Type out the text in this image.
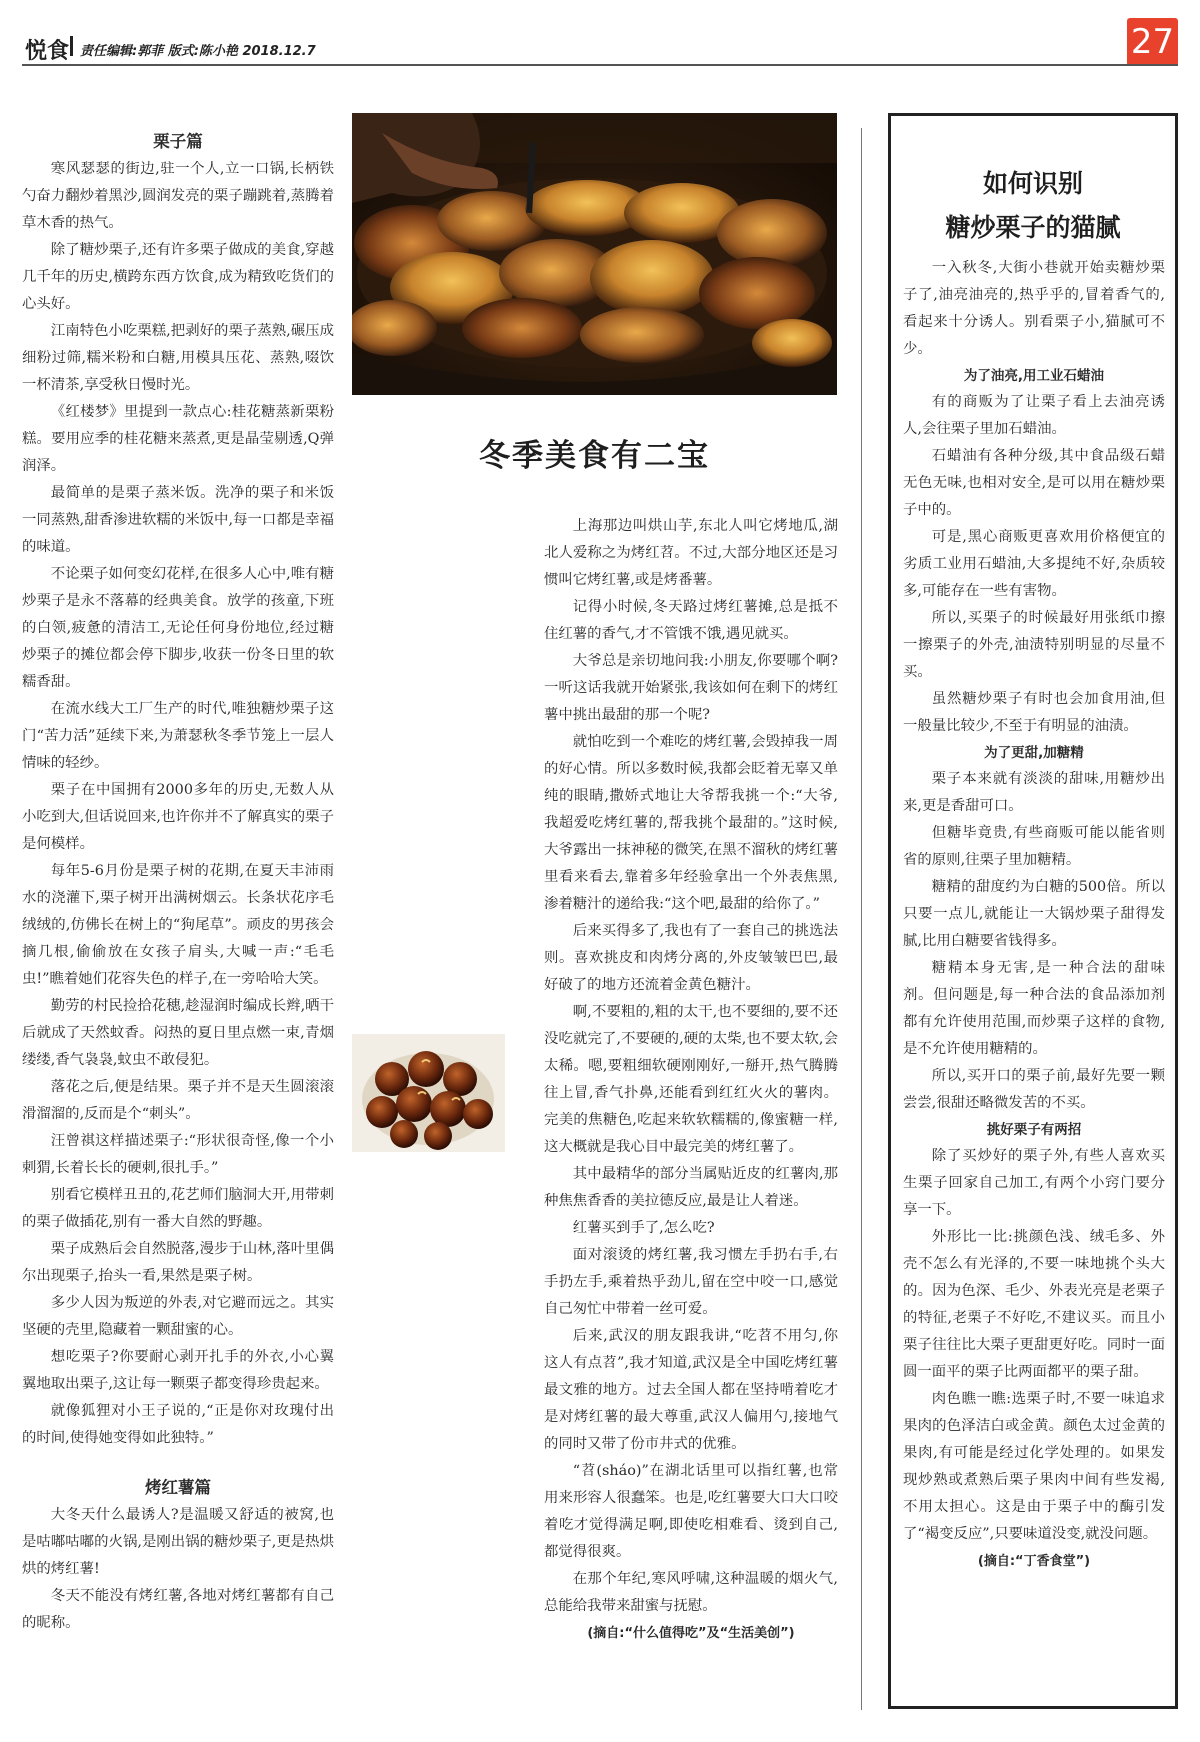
悦食 责任编辑:郭菲 版式:陈小艳 2018.12.7	27

栗子篇

寒风瑟瑟的街边,驻一个人,立一口锅,长柄铁勺奋力翻炒着黑沙,圆润发亮的栗子蹦跳着,蒸腾着草木香的热气。

除了糖炒栗子,还有许多栗子做成的美食,穿越几千年的历史,横跨东西方饮食,成为精致吃货们的心头好。

江南特色小吃栗糕,把剥好的栗子蒸熟,碾压成细粉过筛,糯米粉和白糖,用模具压花、蒸熟,啜饮一杯清茶,享受秋日慢时光。

《红楼梦》里提到一款点心:桂花糖蒸新栗粉糕。要用应季的桂花糖来蒸煮,更是晶莹剔透,Q弹润泽。

最简单的是栗子蒸米饭。洗净的栗子和米饭一同蒸熟,甜香渗进软糯的米饭中,每一口都是幸福的味道。

不论栗子如何变幻花样,在很多人心中,唯有糖炒栗子是永不落幕的经典美食。放学的孩童,下班的白领,疲惫的清洁工,无论任何身份地位,经过糖炒栗子的摊位都会停下脚步,收获一份冬日里的软糯香甜。

在流水线大工厂生产的时代,唯独糖炒栗子这门“苦力活”延续下来,为萧瑟秋冬季节笼上一层人情味的轻纱。

栗子在中国拥有2000多年的历史,无数人从小吃到大,但话说回来,也许你并不了解真实的栗子是何模样。

每年5-6月份是栗子树的花期,在夏天丰沛雨水的浇灌下,栗子树开出满树烟云。长条状花序毛绒绒的,仿佛长在树上的“狗尾草”。顽皮的男孩会摘几根,偷偷放在女孩子肩头,大喊一声:“毛毛虫!”瞧着她们花容失色的样子,在一旁哈哈大笑。

勤劳的村民捡拾花穗,趁湿润时编成长辫,晒干后就成了天然蚊香。闷热的夏日里点燃一束,青烟缕缕,香气袅袅,蚊虫不敢侵犯。

落花之后,便是结果。栗子并不是天生圆滚滚滑溜溜的,反而是个“刺头”。

汪曾祺这样描述栗子:“形状很奇怪,像一个小刺猬,长着长长的硬刺,很扎手。”

别看它模样丑丑的,花艺师们脑洞大开,用带刺的栗子做插花,别有一番大自然的野趣。

栗子成熟后会自然脱落,漫步于山林,落叶里偶尔出现栗子,抬头一看,果然是栗子树。

多少人因为叛逆的外表,对它避而远之。其实坚硬的壳里,隐藏着一颗甜蜜的心。

想吃栗子?你要耐心剥开扎手的外衣,小心翼翼地取出栗子,这让每一颗栗子都变得珍贵起来。

就像狐狸对小王子说的,“正是你对玫瑰付出的时间,使得她变得如此独特。”

烤红薯篇

大冬天什么最诱人?是温暖又舒适的被窝,也是咕嘟咕嘟的火锅,是刚出锅的糖炒栗子,更是热烘烘的烤红薯!

冬天不能没有烤红薯,各地对烤红薯都有自己的昵称。

冬季美食有二宝

上海那边叫烘山芋,东北人叫它烤地瓜,湖北人爱称之为烤红苕。不过,大部分地区还是习惯叫它烤红薯,或是烤番薯。

记得小时候,冬天路过烤红薯摊,总是抵不住红薯的香气,才不管饿不饿,遇见就买。

大爷总是亲切地问我:小朋友,你要哪个啊?一听这话我就开始紧张,我该如何在剩下的烤红薯中挑出最甜的那一个呢?

就怕吃到一个难吃的烤红薯,会毁掉我一周的好心情。所以多数时候,我都会眨着无辜又单纯的眼睛,撒娇式地让大爷帮我挑一个:“大爷,我超爱吃烤红薯的,帮我挑个最甜的。”这时候,大爷露出一抹神秘的微笑,在黑不溜秋的烤红薯里看来看去,靠着多年经验拿出一个外表焦黑,渗着糖汁的递给我:“这个吧,最甜的给你了。”

后来买得多了,我也有了一套自己的挑选法则。喜欢挑皮和肉烤分离的,外皮皱皱巴巴,最好破了的地方还流着金黄色糖汁。

啊,不要粗的,粗的太干,也不要细的,要不还没吃就完了,不要硬的,硬的太柴,也不要太软,会太稀。嗯,要粗细软硬刚刚好,一掰开,热气腾腾往上冒,香气扑鼻,还能看到红红火火的薯肉。完美的焦糖色,吃起来软软糯糯的,像蜜糖一样,这大概就是我心目中最完美的烤红薯了。

其中最精华的部分当属贴近皮的红薯肉,那种焦焦香香的美拉德反应,最是让人着迷。

红薯买到手了,怎么吃?

面对滚烫的烤红薯,我习惯左手扔右手,右手扔左手,乘着热乎劲儿,留在空中咬一口,感觉自己匆忙中带着一丝可爱。

后来,武汉的朋友跟我讲,“吃苕不用匀,你这人有点苕”,我才知道,武汉是全中国吃烤红薯最文雅的地方。过去全国人都在坚持啃着吃才是对烤红薯的最大尊重,武汉人偏用勺,接地气的同时又带了份市井式的优雅。

“苕(sháo)”在湖北话里可以指红薯,也常用来形容人很蠢笨。也是,吃红薯要大口大口咬着吃才觉得满足啊,即使吃相难看、烫到自己,都觉得很爽。

在那个年纪,寒风呼啸,这种温暖的烟火气,总能给我带来甜蜜与抚慰。

(摘自:“什么值得吃”及“生活美创”)

如何识别
糖炒栗子的猫腻

一入秋冬,大街小巷就开始卖糖炒栗子了,油亮油亮的,热乎乎的,冒着香气的,看起来十分诱人。别看栗子小,猫腻可不少。

为了油亮,用工业石蜡油

有的商贩为了让栗子看上去油亮诱人,会往栗子里加石蜡油。

石蜡油有各种分级,其中食品级石蜡无色无味,也相对安全,是可以用在糖炒栗子中的。

可是,黑心商贩更喜欢用价格便宜的劣质工业用石蜡油,大多提纯不好,杂质较多,可能存在一些有害物。

所以,买栗子的时候最好用张纸巾擦一擦栗子的外壳,油渍特别明显的尽量不买。

虽然糖炒栗子有时也会加食用油,但一般量比较少,不至于有明显的油渍。

为了更甜,加糖精

栗子本来就有淡淡的甜味,用糖炒出来,更是香甜可口。

但糖毕竟贵,有些商贩可能以能省则省的原则,往栗子里加糖精。

糖精的甜度约为白糖的500倍。所以只要一点儿,就能让一大锅炒栗子甜得发腻,比用白糖要省钱得多。

糖精本身无害,是一种合法的甜味剂。但问题是,每一种合法的食品添加剂都有允许使用范围,而炒栗子这样的食物,是不允许使用糖精的。

所以,买开口的栗子前,最好先要一颗尝尝,很甜还略微发苦的不买。

挑好栗子有两招

除了买炒好的栗子外,有些人喜欢买生栗子回家自己加工,有两个小窍门要分享一下。

外形比一比:挑颜色浅、绒毛多、外壳不怎么有光泽的,不要一味地挑个头大的。因为色深、毛少、外表光亮是老栗子的特征,老栗子不好吃,不建议买。而且小栗子往往比大栗子更甜更好吃。同时一面圆一面平的栗子比两面都平的栗子甜。

肉色瞧一瞧:选栗子时,不要一味追求果肉的色泽洁白或金黄。颜色太过金黄的果肉,有可能是经过化学处理的。如果发现炒熟或煮熟后栗子果肉中间有些发褐,不用太担心。这是由于栗子中的酶引发了“褐变反应”,只要味道没变,就没问题。

(摘自:“丁香食堂”)
